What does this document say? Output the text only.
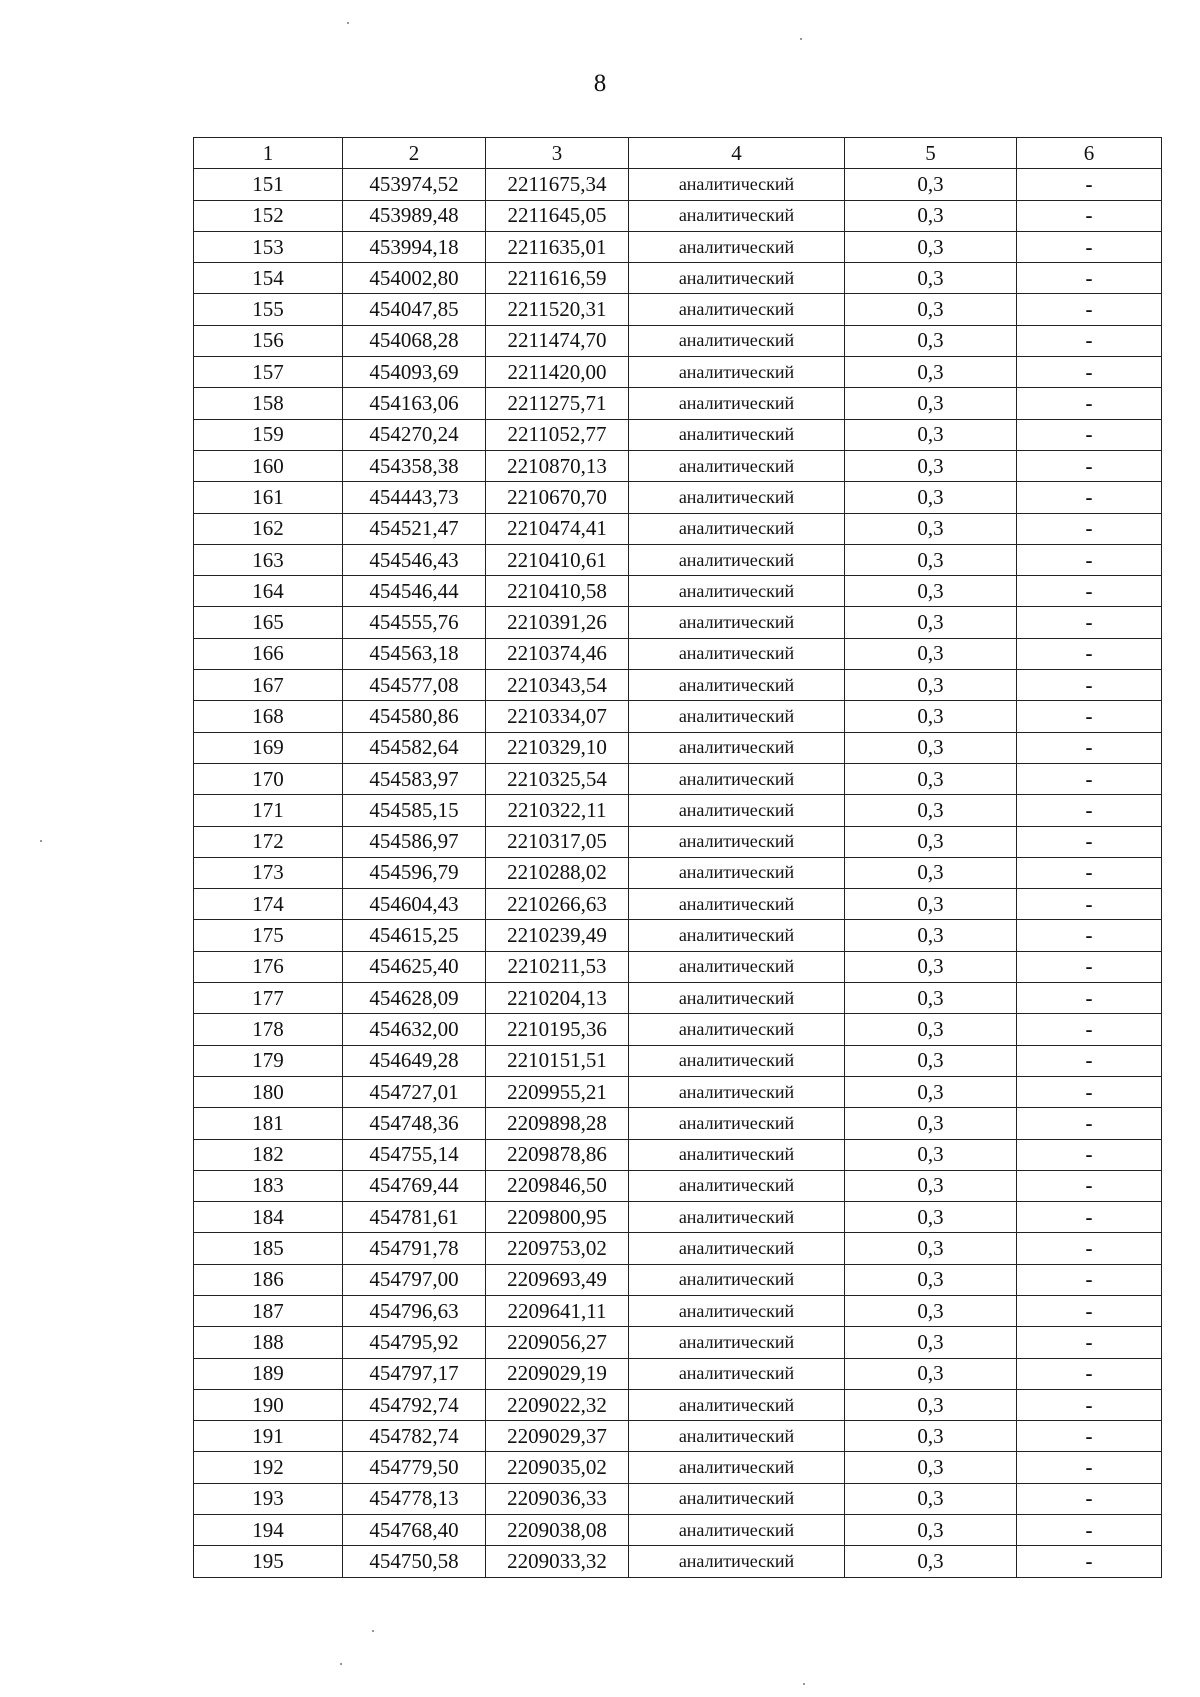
8
1	2	3	4	5	6
151	453974,52	2211675,34	аналитический	0,3	-
152	453989,48	2211645,05	аналитический	0,3	-
153	453994,18	2211635,01	аналитический	0,3	-
154	454002,80	2211616,59	аналитический	0,3	-
155	454047,85	2211520,31	аналитический	0,3	-
156	454068,28	2211474,70	аналитический	0,3	-
157	454093,69	2211420,00	аналитический	0,3	-
158	454163,06	2211275,71	аналитический	0,3	-
159	454270,24	2211052,77	аналитический	0,3	-
160	454358,38	2210870,13	аналитический	0,3	-
161	454443,73	2210670,70	аналитический	0,3	-
162	454521,47	2210474,41	аналитический	0,3	-
163	454546,43	2210410,61	аналитический	0,3	-
164	454546,44	2210410,58	аналитический	0,3	-
165	454555,76	2210391,26	аналитический	0,3	-
166	454563,18	2210374,46	аналитический	0,3	-
167	454577,08	2210343,54	аналитический	0,3	-
168	454580,86	2210334,07	аналитический	0,3	-
169	454582,64	2210329,10	аналитический	0,3	-
170	454583,97	2210325,54	аналитический	0,3	-
171	454585,15	2210322,11	аналитический	0,3	-
172	454586,97	2210317,05	аналитический	0,3	-
173	454596,79	2210288,02	аналитический	0,3	-
174	454604,43	2210266,63	аналитический	0,3	-
175	454615,25	2210239,49	аналитический	0,3	-
176	454625,40	2210211,53	аналитический	0,3	-
177	454628,09	2210204,13	аналитический	0,3	-
178	454632,00	2210195,36	аналитический	0,3	-
179	454649,28	2210151,51	аналитический	0,3	-
180	454727,01	2209955,21	аналитический	0,3	-
181	454748,36	2209898,28	аналитический	0,3	-
182	454755,14	2209878,86	аналитический	0,3	-
183	454769,44	2209846,50	аналитический	0,3	-
184	454781,61	2209800,95	аналитический	0,3	-
185	454791,78	2209753,02	аналитический	0,3	-
186	454797,00	2209693,49	аналитический	0,3	-
187	454796,63	2209641,11	аналитический	0,3	-
188	454795,92	2209056,27	аналитический	0,3	-
189	454797,17	2209029,19	аналитический	0,3	-
190	454792,74	2209022,32	аналитический	0,3	-
191	454782,74	2209029,37	аналитический	0,3	-
192	454779,50	2209035,02	аналитический	0,3	-
193	454778,13	2209036,33	аналитический	0,3	-
194	454768,40	2209038,08	аналитический	0,3	-
195	454750,58	2209033,32	аналитический	0,3	-
